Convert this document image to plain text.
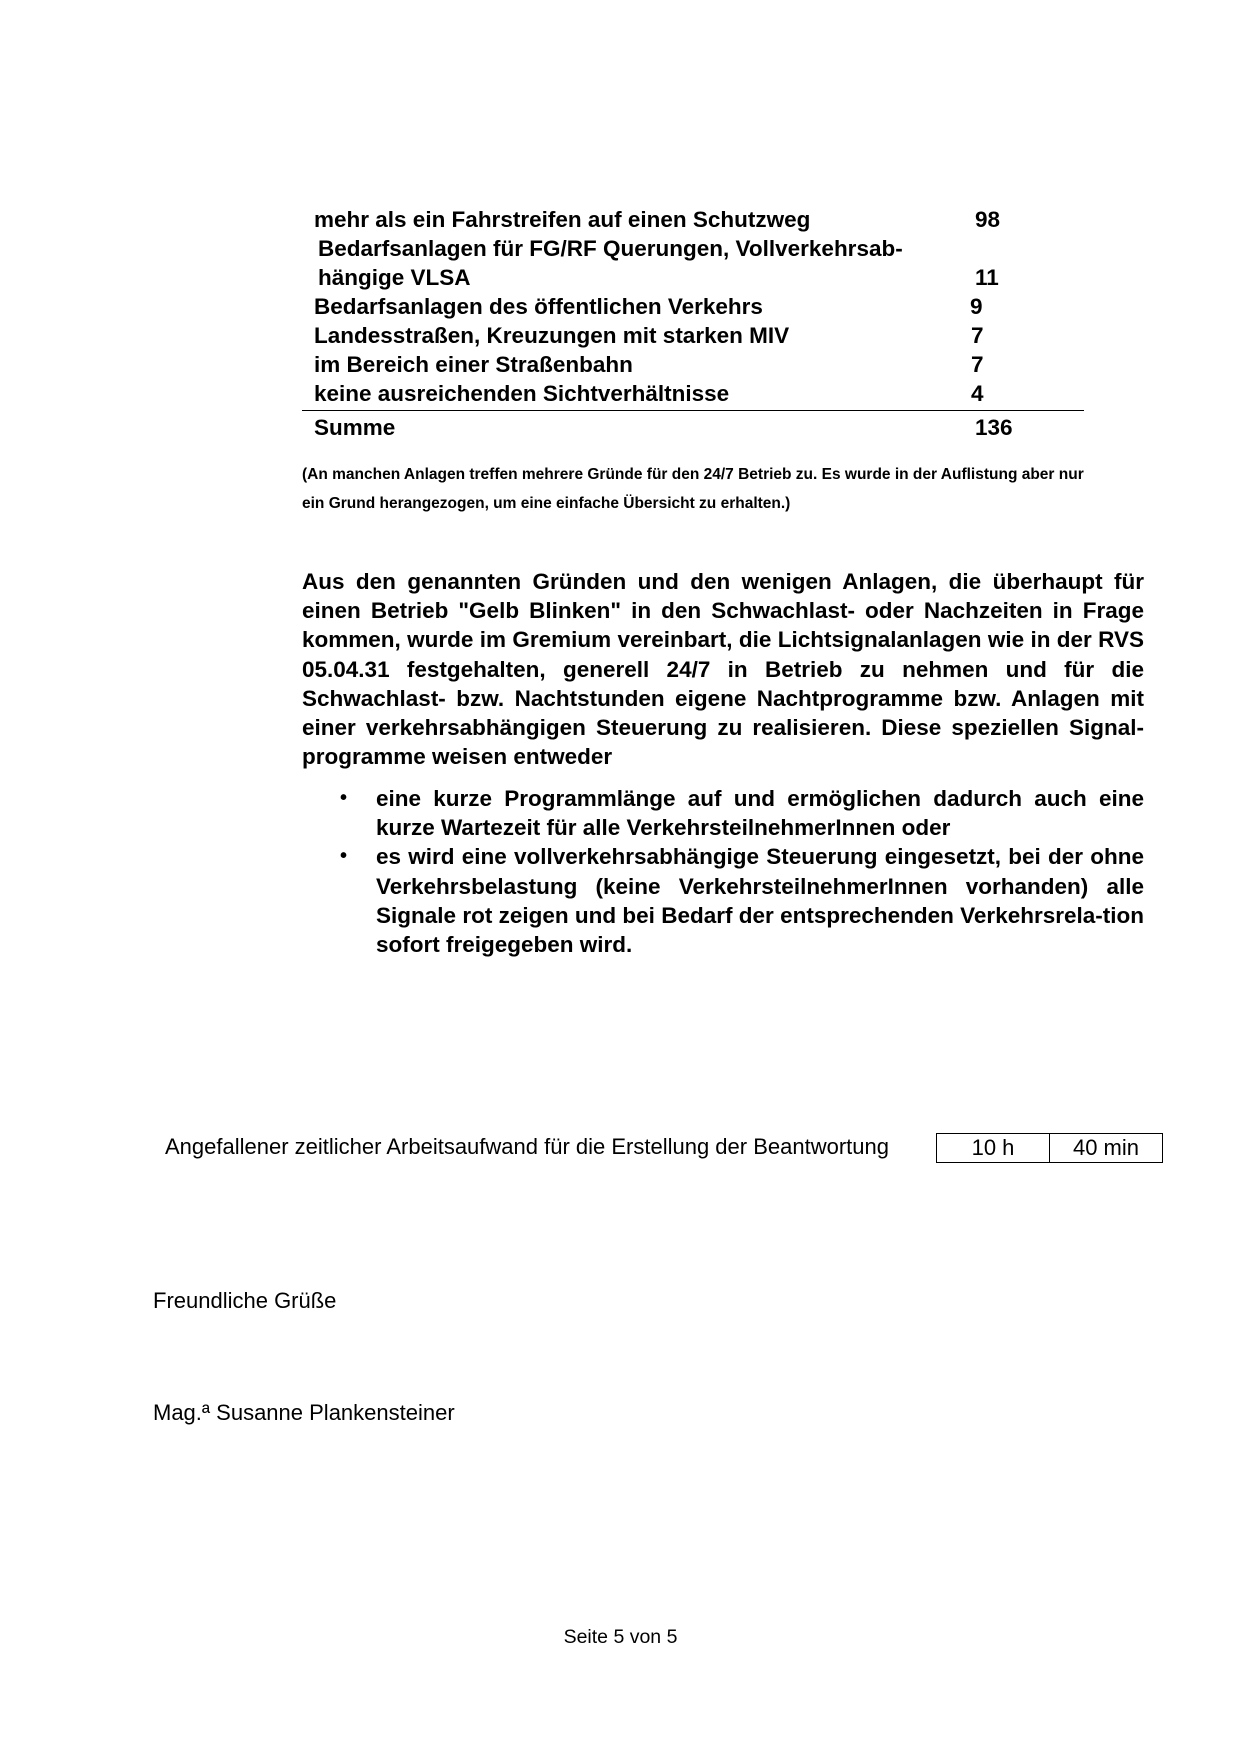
mehr als ein Fahrstreifen auf einen Schutzweg	98
Bedarfsanlagen für FG/RF Querungen, Vollverkehrsab-
hängige VLSA	11
Bedarfsanlagen des öffentlichen Verkehrs	9
Landesstraßen, Kreuzungen mit starken MIV	7
im Bereich einer Straßenbahn	7
keine ausreichenden Sichtverhältnisse	4
Summe	136
(An manchen Anlagen treffen mehrere Gründe für den 24/7 Betrieb zu. Es wurde in der Auflistung aber nur
ein Grund herangezogen, um eine einfache Übersicht zu erhalten.)
Aus den genannten Gründen und den wenigen Anlagen, die überhaupt für einen Betrieb "Gelb Blinken" in den Schwachlast- oder Nachzeiten in Frage kommen, wurde im Gremium vereinbart, die Lichtsignalanlagen wie in der RVS 05.04.31 festgehalten, generell 24/7 in Betrieb zu nehmen und für die Schwachlast- bzw. Nachtstunden eigene Nachtprogramme bzw. Anlagen mit einer verkehrsabhängigen Steuerung zu realisieren. Diese speziellen Signal-programme weisen entweder
• eine kurze Programmlänge auf und ermöglichen dadurch auch eine kurze Wartezeit für alle VerkehrsteilnehmerInnen oder
• es wird eine vollverkehrsabhängige Steuerung eingesetzt, bei der ohne Verkehrsbelastung (keine VerkehrsteilnehmerInnen vorhanden) alle Signale rot zeigen und bei Bedarf der entsprechenden Verkehrsrela-tion sofort freigegeben wird.
Angefallener zeitlicher Arbeitsaufwand für die Erstellung der Beantwortung	10 h	40 min
Freundliche Grüße
Mag.ª Susanne Plankensteiner
Seite 5 von 5
